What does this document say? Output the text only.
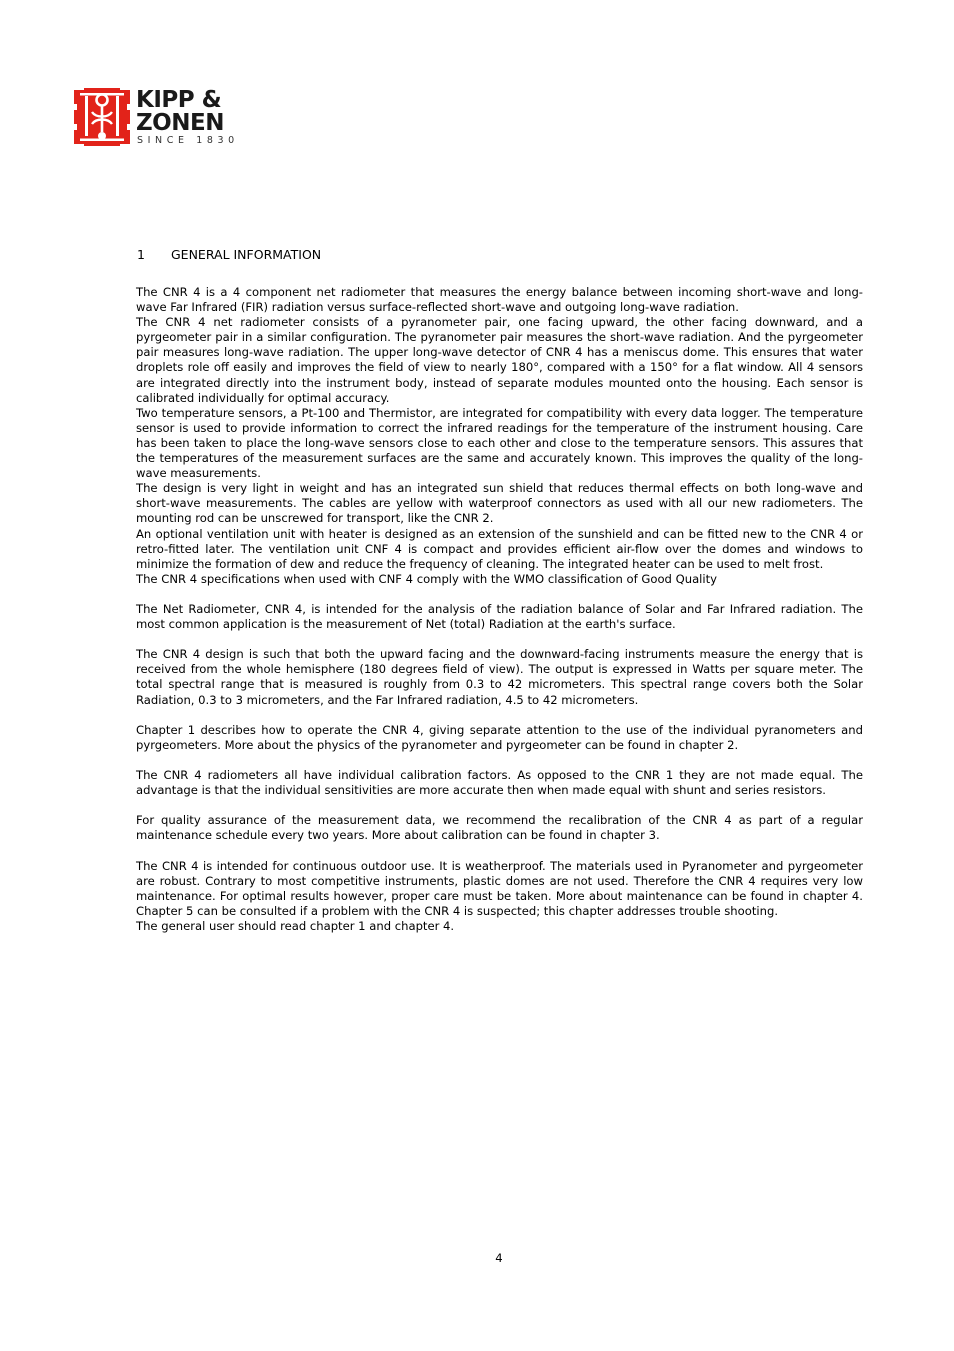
KIPP &
ZONEN
SINCE 1830
1 GENERAL INFORMATION

The CNR 4 is a 4 component net radiometer that measures the energy balance between incoming short-wave and long-wave Far Infrared (FIR) radiation versus surface-reflected short-wave and outgoing long-wave radiation.
The CNR 4 net radiometer consists of a pyranometer pair, one facing upward, the other facing downward, and a pyrgeometer pair in a similar configuration. The pyranometer pair measures the short-wave radiation. And the pyrgeometer pair measures long-wave radiation. The upper long-wave detector of CNR 4 has a meniscus dome. This ensures that water droplets role off easily and improves the field of view to nearly 180°, compared with a 150° for a flat window. All 4 sensors are integrated directly into the instrument body, instead of separate modules mounted onto the housing. Each sensor is calibrated individually for optimal accuracy.
Two temperature sensors, a Pt-100 and Thermistor, are integrated for compatibility with every data logger. The temperature sensor is used to provide information to correct the infrared readings for the temperature of the instrument housing. Care has been taken to place the long-wave sensors close to each other and close to the temperature sensors. This assures that the temperatures of the measurement surfaces are the same and accurately known. This improves the quality of the long-wave measurements.
The design is very light in weight and has an integrated sun shield that reduces thermal effects on both long-wave and short-wave measurements. The cables are yellow with waterproof connectors as used with all our new radiometers. The mounting rod can be unscrewed for transport, like the CNR 2.
An optional ventilation unit with heater is designed as an extension of the sunshield and can be fitted new to the CNR 4 or retro-fitted later. The ventilation unit CNF 4 is compact and provides efficient air-flow over the domes and windows to minimize the formation of dew and reduce the frequency of cleaning. The integrated heater can be used to melt frost.
The CNR 4 specifications when used with CNF 4 comply with the WMO classification of Good Quality

The Net Radiometer, CNR 4, is intended for the analysis of the radiation balance of Solar and Far Infrared radiation. The most common application is the measurement of Net (total) Radiation at the earth's surface.

The CNR 4 design is such that both the upward facing and the downward-facing instruments measure the energy that is received from the whole hemisphere (180 degrees field of view). The output is expressed in Watts per square meter. The total spectral range that is measured is roughly from 0.3 to 42 micrometers. This spectral range covers both the Solar Radiation, 0.3 to 3 micrometers, and the Far Infrared radiation, 4.5 to 42 micrometers.

Chapter 1 describes how to operate the CNR 4, giving separate attention to the use of the individual pyranometers and pyrgeometers. More about the physics of the pyranometer and pyrgeometer can be found in chapter 2.

The CNR 4 radiometers all have individual calibration factors. As opposed to the CNR 1 they are not made equal. The advantage is that the individual sensitivities are more accurate then when made equal with shunt and series resistors.

For quality assurance of the measurement data, we recommend the recalibration of the CNR 4 as part of a regular maintenance schedule every two years. More about calibration can be found in chapter 3.

The CNR 4 is intended for continuous outdoor use. It is weatherproof. The materials used in Pyranometer and pyrgeometer are robust. Contrary to most competitive instruments, plastic domes are not used. Therefore the CNR 4 requires very low maintenance. For optimal results however, proper care must be taken. More about maintenance can be found in chapter 4. Chapter 5 can be consulted if a problem with the CNR 4 is suspected; this chapter addresses trouble shooting.
The general user should read chapter 1 and chapter 4.

4
